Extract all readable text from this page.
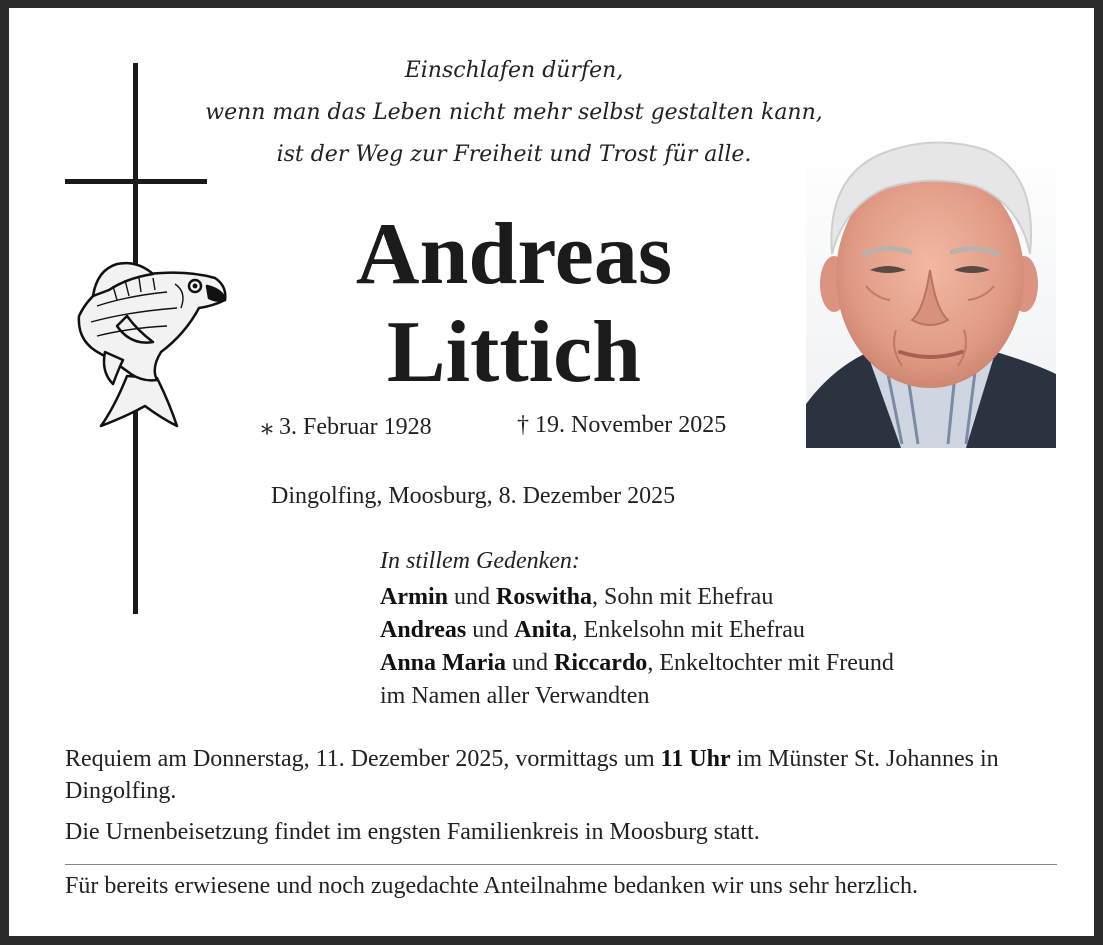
Einschlafen dürfen,
wenn man das Leben nicht mehr selbst gestalten kann,
ist der Weg zur Freiheit und Trost für alle.
Andreas
Littich
⁎ 3. Februar 1928	† 19. November 2025
Dingolfing, Moosburg, 8. Dezember 2025
In stillem Gedenken:
Armin und Roswitha, Sohn mit Ehefrau
Andreas und Anita, Enkelsohn mit Ehefrau
Anna Maria und Riccardo, Enkeltochter mit Freund
im Namen aller Verwandten
Requiem am Donnerstag, 11. Dezember 2025, vormittags um 11 Uhr im Münster St. Johannes in Dingolfing.
Die Urnenbeisetzung findet im engsten Familienkreis in Moosburg statt.
Für bereits erwiesene und noch zugedachte Anteilnahme bedanken wir uns sehr herzlich.
